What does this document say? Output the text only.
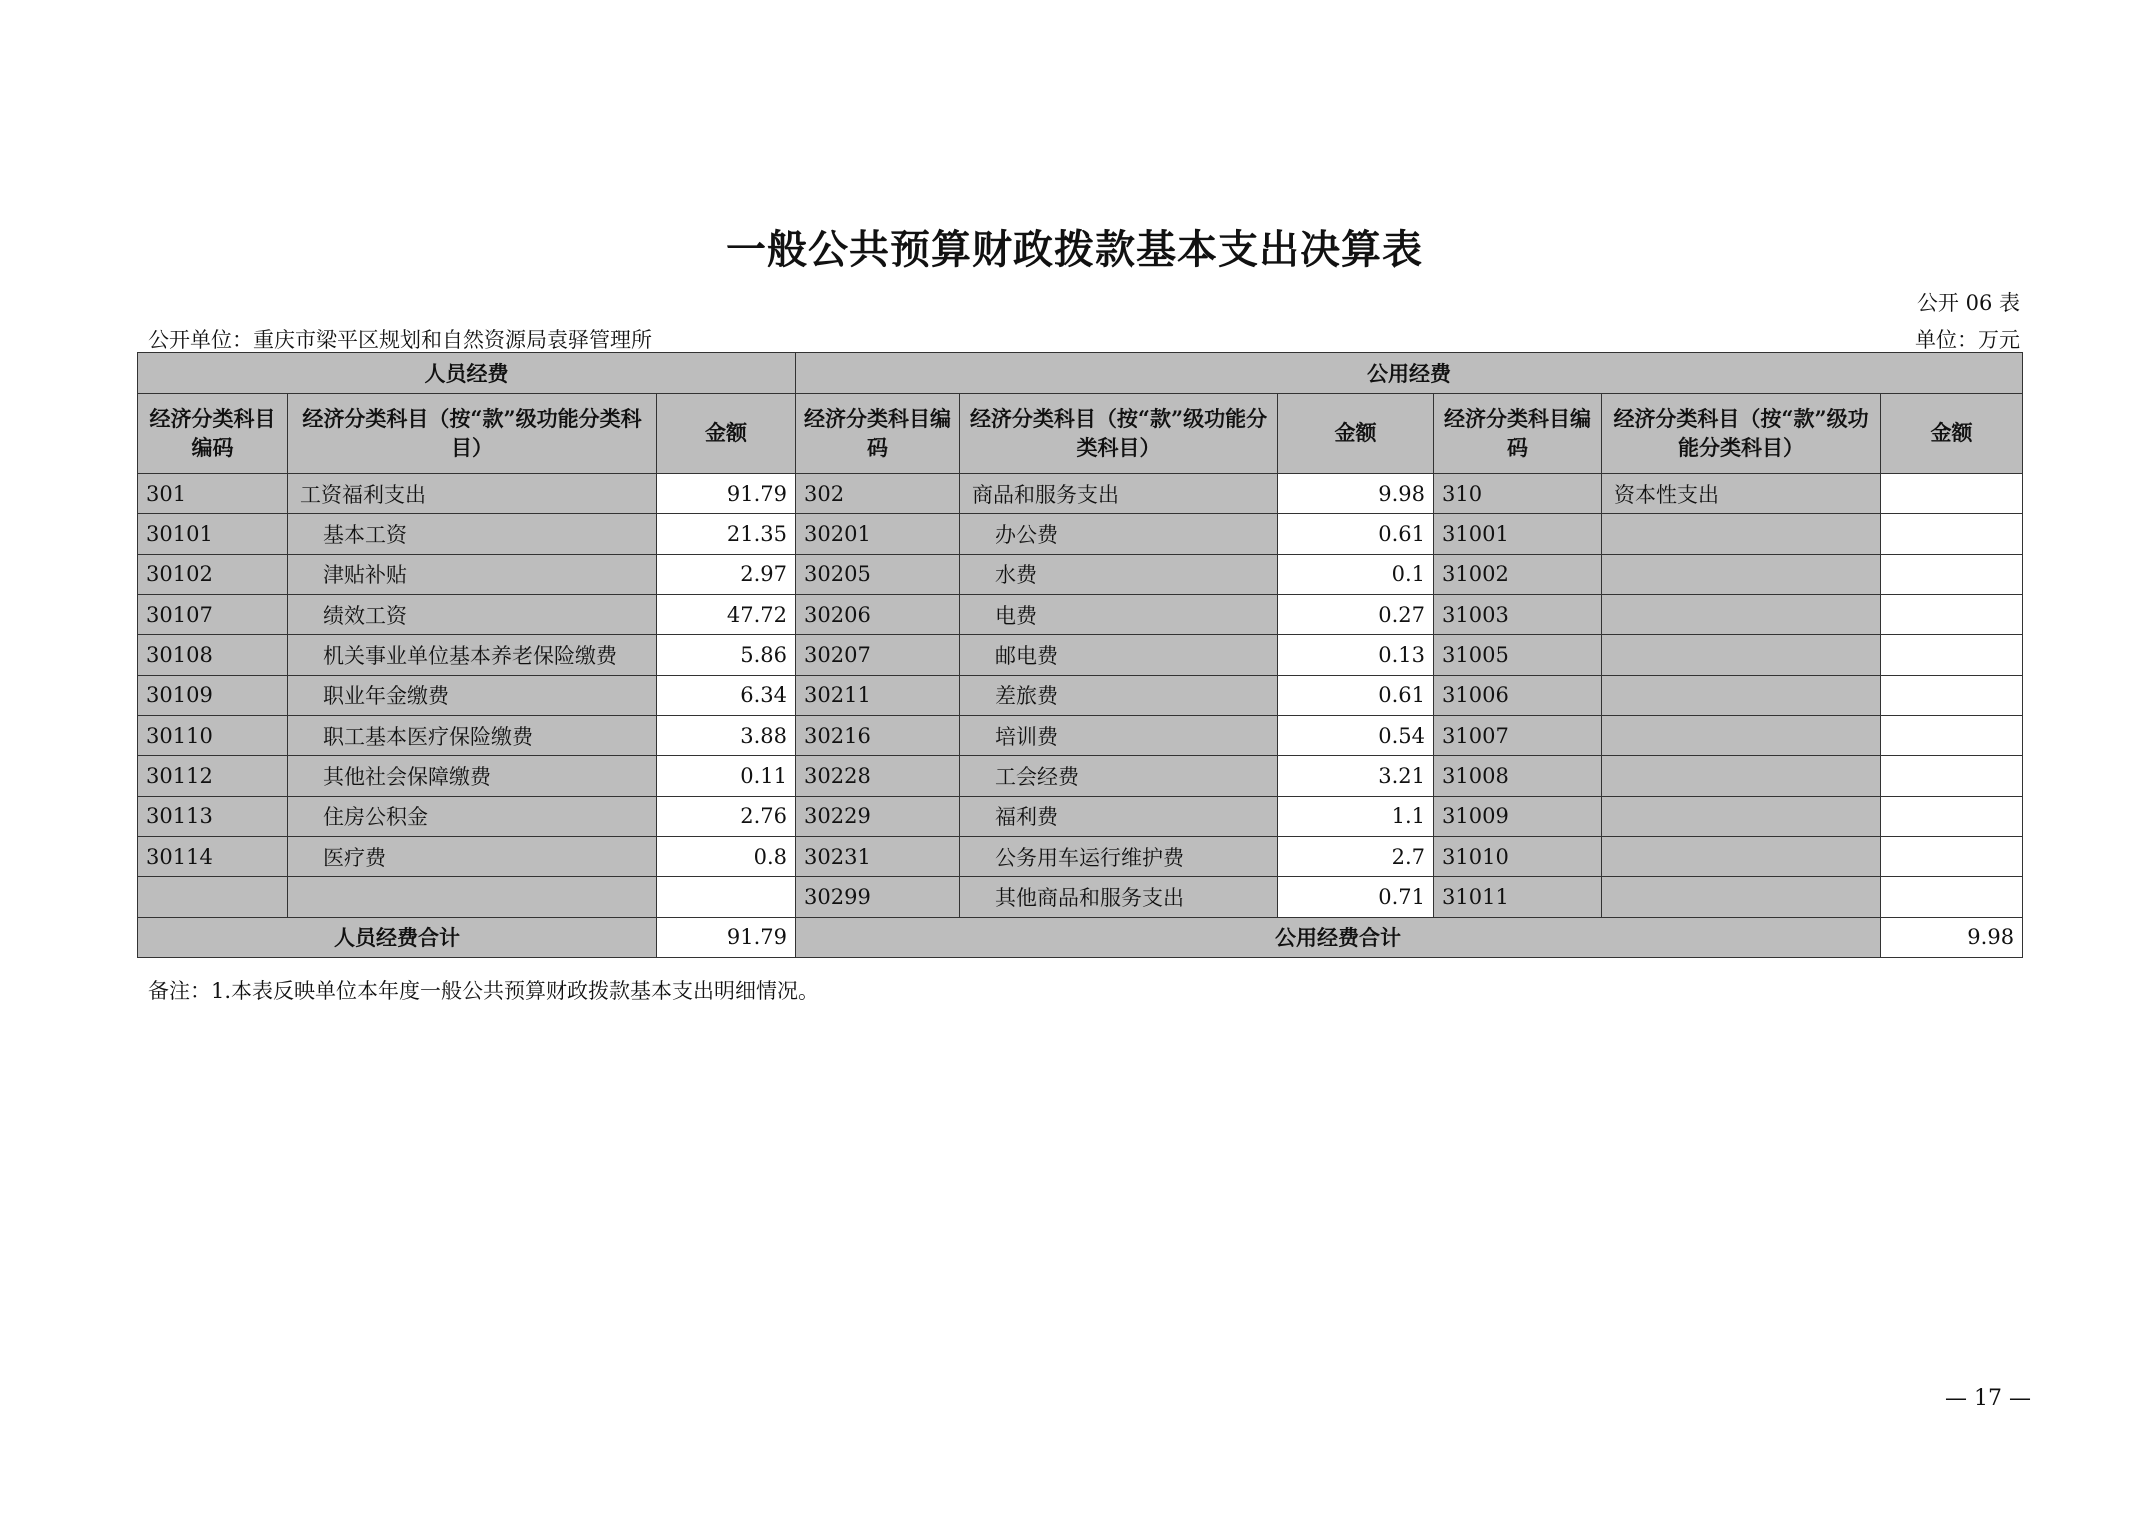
一般公共预算财政拨款基本支出决算表
公开 06 表
公开单位：重庆市梁平区规划和自然资源局袁驿管理所	单位：万元
人员经费			公用经费					
经济分类科目编码	经济分类科目（按“款”级功能分类科目）	金额	经济分类科目编码	经济分类科目（按“款”级功能分类科目）	金额	经济分类科目编码	经济分类科目（按“款”级功能分类科目）	金额
301	工资福利支出	91.79	302	商品和服务支出	9.98	310	资本性支出	
30101	基本工资	21.35	30201	办公费	0.61	31001		
30102	津贴补贴	2.97	30205	水费	0.1	31002		
30107	绩效工资	47.72	30206	电费	0.27	31003		
30108	机关事业单位基本养老保险缴费	5.86	30207	邮电费	0.13	31005		
30109	职业年金缴费	6.34	30211	差旅费	0.61	31006		
30110	职工基本医疗保险缴费	3.88	30216	培训费	0.54	31007		
30112	其他社会保障缴费	0.11	30228	工会经费	3.21	31008		
30113	住房公积金	2.76	30229	福利费	1.1	31009		
30114	医疗费	0.8	30231	公务用车运行维护费	2.7	31010		
			30299	其他商品和服务支出	0.71	31011		
人员经费合计		91.79	公用经费合计					9.98
备注：1.本表反映单位本年度一般公共预算财政拨款基本支出明细情况。
— 17 —
